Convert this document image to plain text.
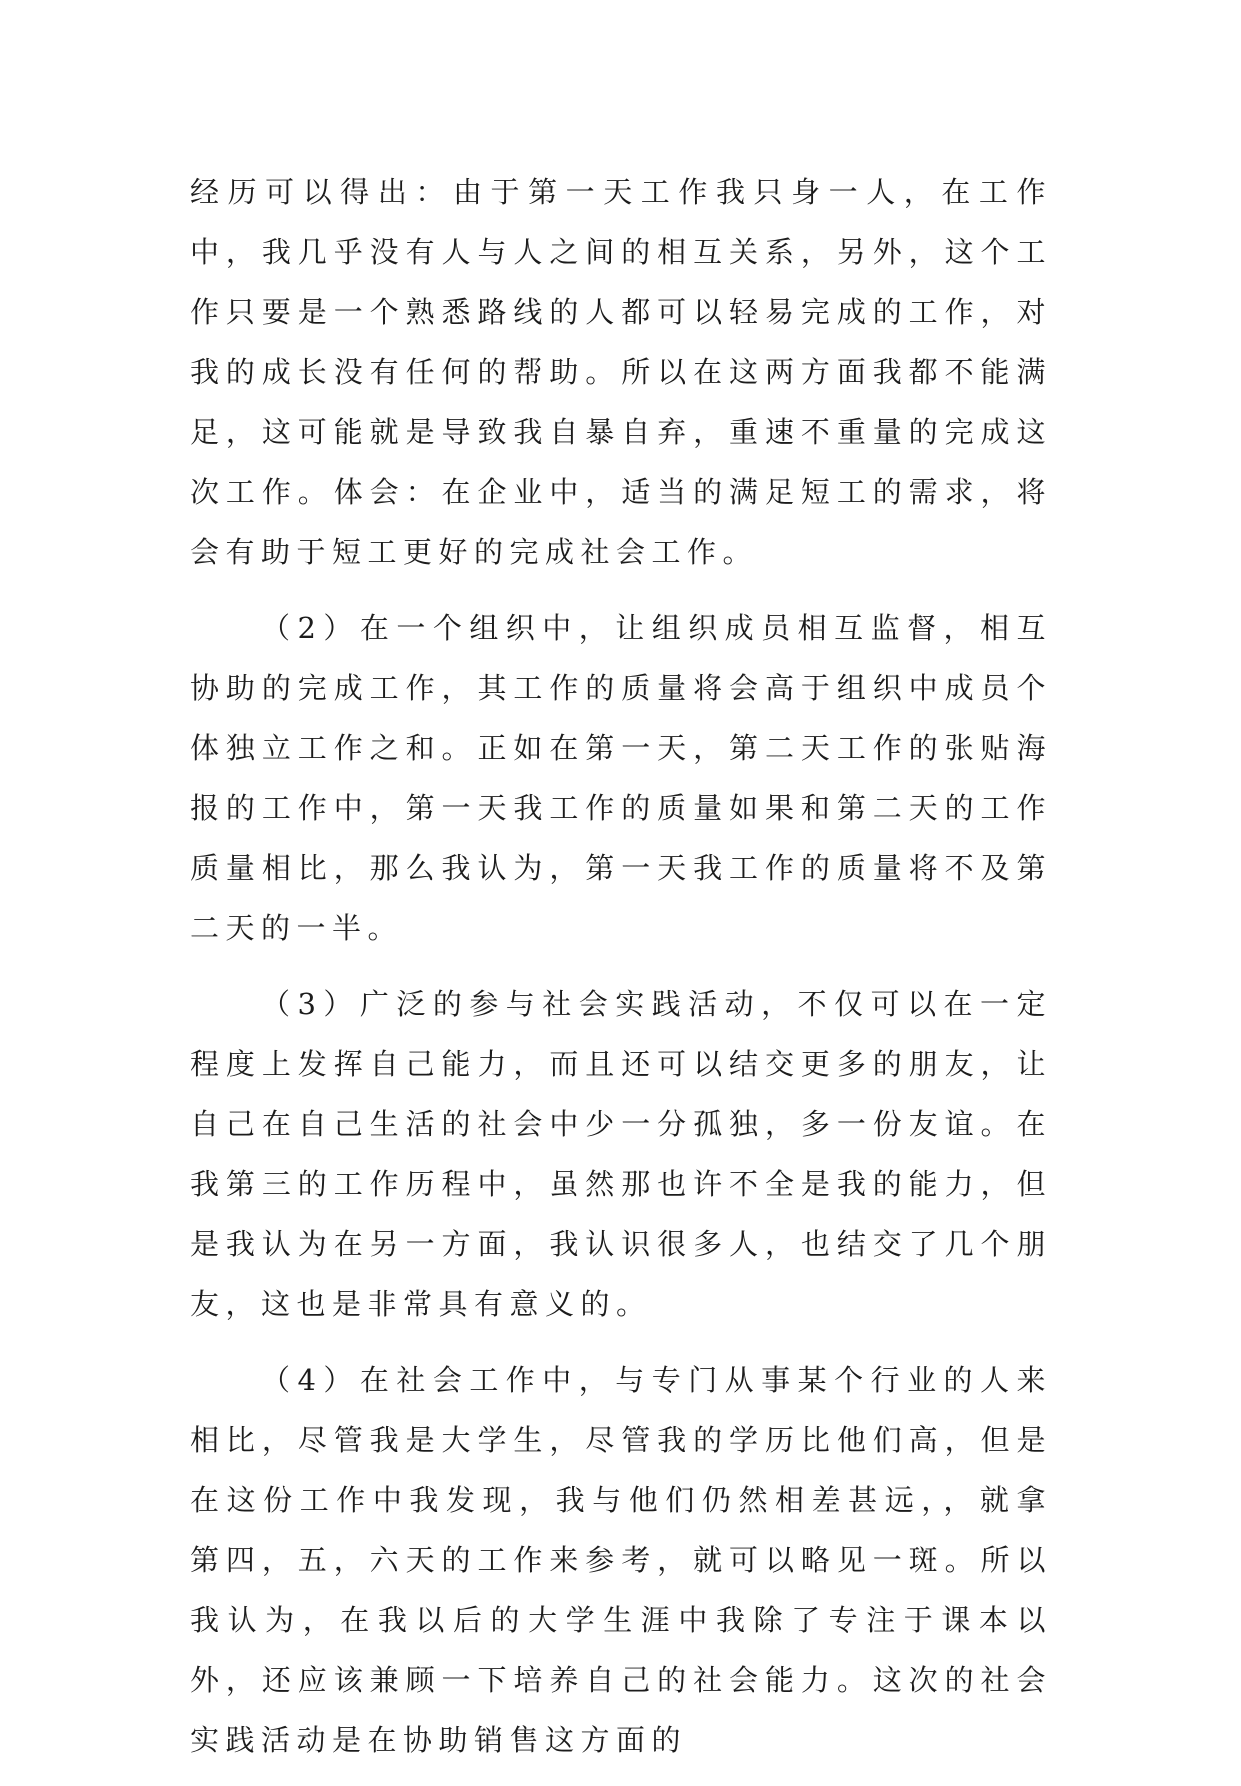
经历可以得出：由于第一天工作我只身一人，在工作中，我几乎没有人与人之间的相互关系，另外，这个工作只要是一个熟悉路线的人都可以轻易完成的工作，对我的成长没有任何的帮助。所以在这两方面我都不能满足，这可能就是导致我自暴自弃，重速不重量的完成这次工作。体会：在企业中，适当的满足短工的需求，将会有助于短工更好的完成社会工作。

（2）在一个组织中，让组织成员相互监督，相互协助的完成工作，其工作的质量将会高于组织中成员个体独立工作之和。正如在第一天，第二天工作的张贴海报的工作中，第一天我工作的质量如果和第二天的工作质量相比，那么我认为，第一天我工作的质量将不及第二天的一半。

（3）广泛的参与社会实践活动，不仅可以在一定程度上发挥自己能力，而且还可以结交更多的朋友，让自己在自己生活的社会中少一分孤独，多一份友谊。在我第三的工作历程中，虽然那也许不全是我的能力，但是我认为在另一方面，我认识很多人，也结交了几个朋友，这也是非常具有意义的。

（4）在社会工作中，与专门从事某个行业的人来相比，尽管我是大学生，尽管我的学历比他们高，但是在这份工作中我发现，我与他们仍然相差甚远，，就拿第四，五，六天的工作来参考，就可以略见一斑。所以我认为，在我以后的大学生涯中我除了专注于课本以外，还应该兼顾一下培养自己的社会能力。这次的社会实践活动是在协助销售这方面的
